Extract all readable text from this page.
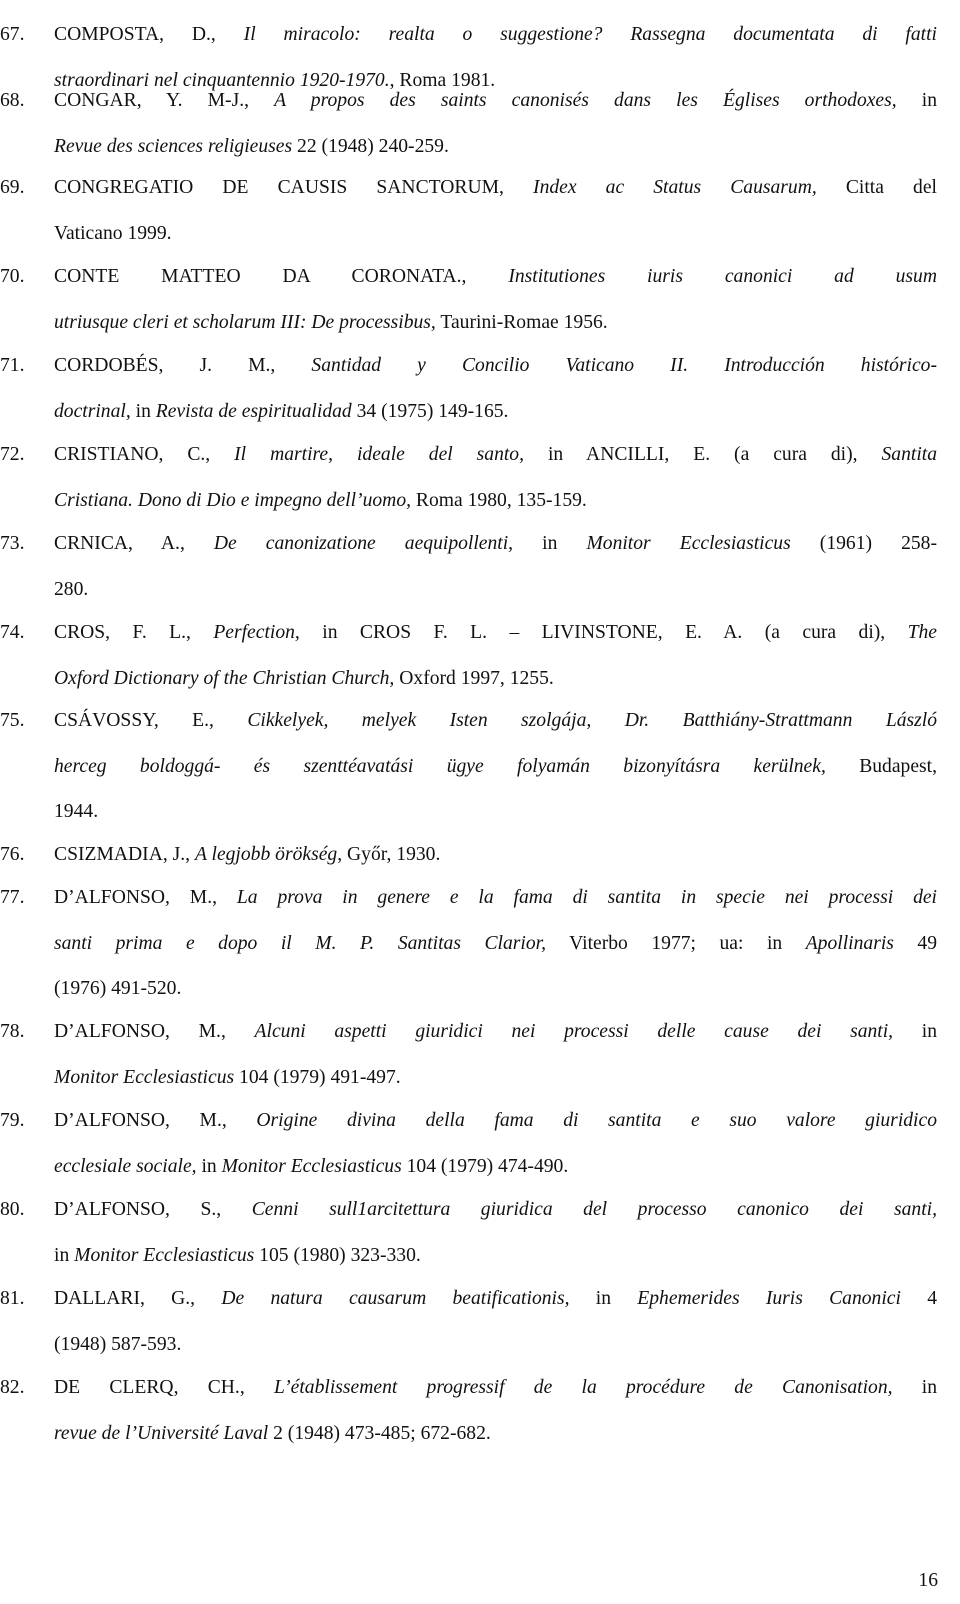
67. COMPOSTA, D., Il miracolo: realta o suggestione? Rassegna documentata di fatti
straordinari nel cinquantennio 1920-1970., Roma 1981.
68. CONGAR, Y. M-J., A propos des saints canonisés dans les Églises orthodoxes, in
Revue des sciences religieuses 22 (1948) 240-259.
69. CONGREGATIO DE CAUSIS SANCTORUM, Index ac Status Causarum, Citta del
Vaticano 1999.
70. CONTE MATTEO DA CORONATA., Institutiones iuris canonici ad usum
utriusque cleri et scholarum III: De processibus, Taurini-Romae 1956.
71. CORDOBÉS, J. M., Santidad y Concilio Vaticano II. Introducción histórico-
doctrinal, in Revista de espiritualidad 34 (1975) 149-165.
72. CRISTIANO, C., Il martire, ideale del santo, in ANCILLI, E. (a cura di), Santita
Cristiana. Dono di Dio e impegno dell’uomo, Roma 1980, 135-159.
73. CRNICA, A., De canonizatione aequipollenti, in Monitor Ecclesiasticus (1961) 258-
280.
74. CROS, F. L., Perfection, in CROS F. L. – LIVINSTONE, E. A. (a cura di), The
Oxford Dictionary of the Christian Church, Oxford 1997, 1255.
75. CSÁVOSSY, E., Cikkelyek, melyek Isten szolgája, Dr. Batthiány-Strattmann László
herceg boldoggá- és szenttéavatási ügye folyamán bizonyításra kerülnek, Budapest,
1944.
76. CSIZMADIA, J., A legjobb örökség, Győr, 1930.
77. D’ALFONSO, M., La prova in genere e la fama di santita in specie nei processi dei
santi prima e dopo il M. P. Santitas Clarior, Viterbo 1977; ua: in Apollinaris 49
(1976) 491-520.
78. D’ALFONSO, M., Alcuni aspetti giuridici nei processi delle cause dei santi, in
Monitor Ecclesiasticus 104 (1979) 491-497.
79. D’ALFONSO, M., Origine divina della fama di santita e suo valore giuridico
ecclesiale sociale, in Monitor Ecclesiasticus 104 (1979) 474-490.
80. D’ALFONSO, S., Cenni sull1arcitettura giuridica del processo canonico dei santi,
in Monitor Ecclesiasticus 105 (1980) 323-330.
81. DALLARI, G., De natura causarum beatificationis, in Ephemerides Iuris Canonici 4
(1948) 587-593.
82. DE CLERQ, CH., L’établissement progressif de la procédure de Canonisation, in
revue de l’Université Laval 2 (1948) 473-485; 672-682.
16
